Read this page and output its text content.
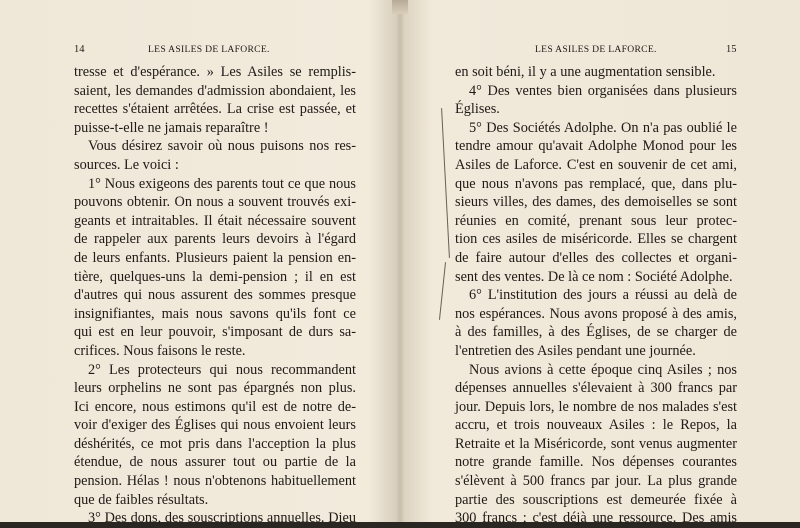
14	LES ASILES DE LAFORCE.
tresse et d'espérance. » Les Asiles se remplis-
saient, les demandes d'admission abondaient, les
recettes s'étaient arrêtées. La crise est passée, et
puisse-t-elle ne jamais reparaître !
Vous désirez savoir où nous puisons nos res-
sources. Le voici :
1° Nous exigeons des parents tout ce que nous
pouvons obtenir. On nous a souvent trouvés exi-
geants et intraitables. Il était nécessaire souvent
de rappeler aux parents leurs devoirs à l'égard
de leurs enfants. Plusieurs paient la pension en-
tière, quelques-uns la demi-pension ; il en est
d'autres qui nous assurent des sommes presque
insignifiantes, mais nous savons qu'ils font ce
qui est en leur pouvoir, s'imposant de durs sa-
crifices. Nous faisons le reste.
2° Les protecteurs qui nous recommandent
leurs orphelins ne sont pas épargnés non plus.
Ici encore, nous estimons qu'il est de notre de-
voir d'exiger des Églises qui nous envoient leurs
déshérités, ce mot pris dans l'acception la plus
étendue, de nous assurer tout ou partie de la
pension. Hélas ! nous n'obtenons habituellement
que de faibles résultats.
3° Des dons, des souscriptions annuelles. Dieu
LES ASILES DE LAFORCE.	15
en soit béni, il y a une augmentation sensible.
4° Des ventes bien organisées dans plusieurs
Églises.
5° Des Sociétés Adolphe. On n'a pas oublié le
tendre amour qu'avait Adolphe Monod pour les
Asiles de Laforce. C'est en souvenir de cet ami,
que nous n'avons pas remplacé, que, dans plu-
sieurs villes, des dames, des demoiselles se sont
réunies en comité, prenant sous leur protec-
tion ces asiles de miséricorde. Elles se chargent
de faire autour d'elles des collectes et organi-
sent des ventes. De là ce nom : Société Adolphe.
6° L'institution des jours a réussi au delà de
nos espérances. Nous avons proposé à des amis,
à des familles, à des Églises, de se charger de
l'entretien des Asiles pendant une journée.
Nous avions à cette époque cinq Asiles ; nos
dépenses annuelles s'élevaient à 300 francs par
jour. Depuis lors, le nombre de nos malades s'est
accru, et trois nouveaux Asiles : le Repos, la
Retraite et la Miséricorde, sont venus augmenter
notre grande famille. Nos dépenses courantes
s'élèvent à 500 francs par jour. La plus grande
partie des souscriptions est demeurée fixée à
300 francs ; c'est déjà une ressource. Des amis
